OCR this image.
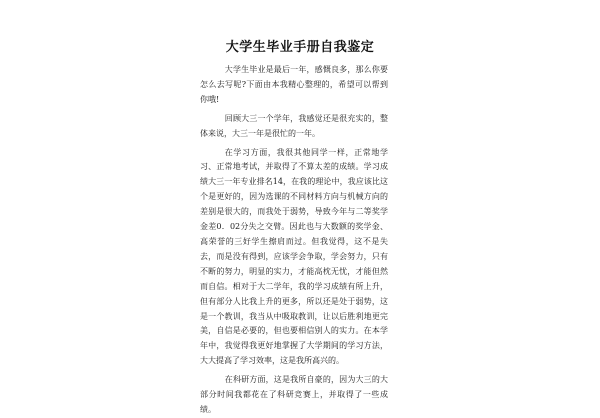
大学生毕业手册自我鉴定

大学生毕业是最后一年，感慨良多，那么你要怎么去写呢?下面由本我精心整理的，希望可以帮到你哦!

回顾大三一个学年，我感觉还是很充实的，整体来说，大三一年是很忙的一年。

在学习方面，我很其他同学一样，正常地学习、正常地考试，并取得了不算太差的成绩。学习成绩大三一年专业排名14，在我的理论中，我应该比这个是更好的，因为选课的不同材料方向与机械方向的差别是很大的，而我处于弱势，导致今年与二等奖学金差0．02分失之交臂。因此也与大数额的奖学金、高荣誉的三好学生擦肩而过。但我觉得，这不是失去，而是没有得到，应该学会争取，学会努力，只有不断的努力，明显的实力，才能高枕无忧，才能但然而自信。相对于大二学年，我的学习成绩有所上升，但有部分人比我上升的更多，所以还是处于弱势，这是一个教训，我当从中吸取教训，让以后胜利地更完美，自信是必要的，但也要相信别人的实力。在本学年中，我觉得我更好地掌握了大学期间的学习方法，大大提高了学习效率，这是我所高兴的。

在科研方面，这是我所自豪的，因为大三的大部分时间我都花在了科研竞赛上，并取得了一些成绩。
